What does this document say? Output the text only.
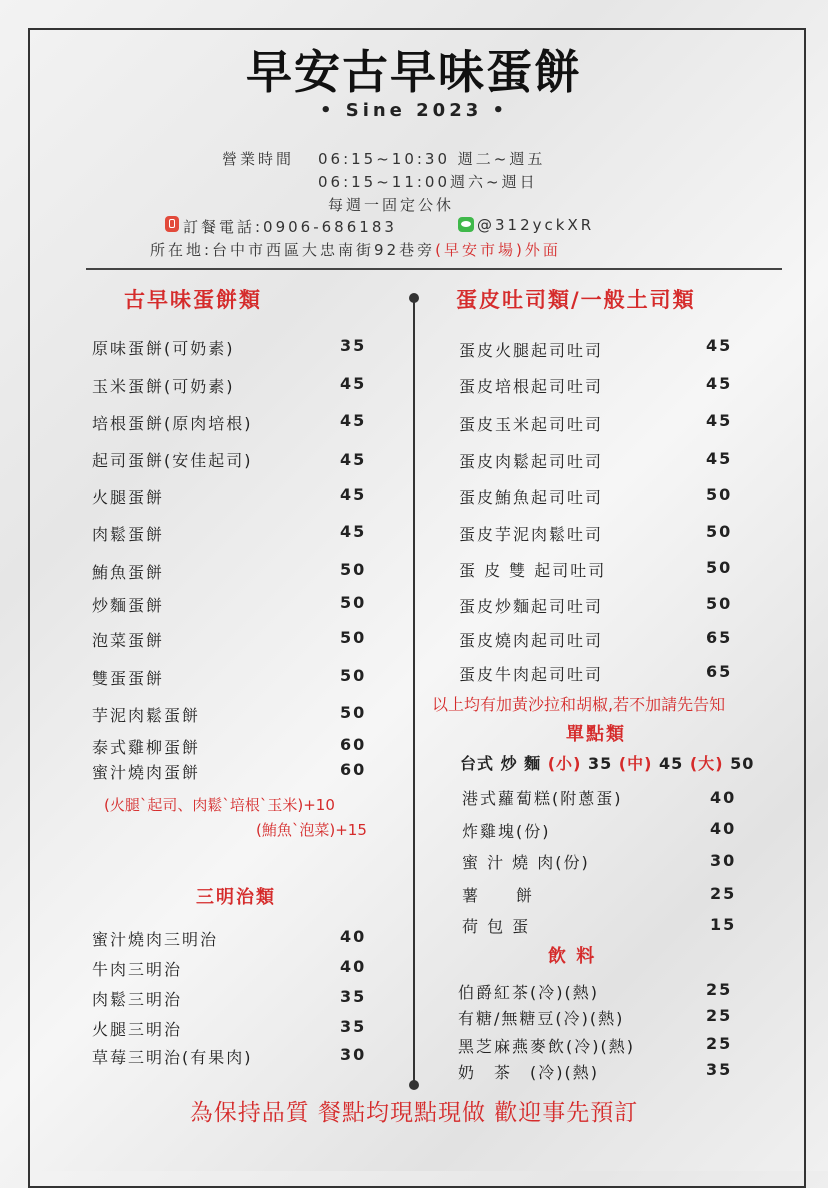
早安古早味蛋餅
• Sine 2023 •
營業時間 06:15~10:30 週二~週五
06:15~11:00週六~週日
每週一固定公休
訂餐電話:0906-686183	@312yckXR
所在地:台中市西區大忠南街92巷旁(早安市場)外面
古早味蛋餅類
原味蛋餅(可奶素)	35
玉米蛋餅(可奶素)	45
培根蛋餅(原肉培根)	45
起司蛋餅(安佳起司)	45
火腿蛋餅	45
肉鬆蛋餅	45
鮪魚蛋餅	50
炒麵蛋餅	50
泡菜蛋餅	50
雙蛋蛋餅	50
芋泥肉鬆蛋餅	50
泰式雞柳蛋餅	60
蜜汁燒肉蛋餅	60
(火腿`起司、肉鬆`培根`玉米)+10
(鮪魚`泡菜)+15
三明治類
蜜汁燒肉三明治	40
牛肉三明治	40
肉鬆三明治	35
火腿三明治	35
草莓三明治(有果肉)	30
蛋皮吐司類/一般土司類
蛋皮火腿起司吐司	45
蛋皮培根起司吐司	45
蛋皮玉米起司吐司	45
蛋皮肉鬆起司吐司	45
蛋皮鮪魚起司吐司	50
蛋皮芋泥肉鬆吐司	50
蛋 皮 雙 起司吐司	50
蛋皮炒麵起司吐司	50
蛋皮燒肉起司吐司	65
蛋皮牛肉起司吐司	65
以上均有加黃沙拉和胡椒,若不加請先告知
單點類
台式 炒 麵 (小) 35 (中) 45 (大) 50
港式蘿蔔糕(附蔥蛋)	40
炸雞塊(份)	40
蜜 汁 燒 肉(份)	30
薯　　餅	25
荷 包 蛋	15
飲 料
伯爵紅茶(冷)(熱)	25
有糖/無糖豆(冷)(熱)	25
黑芝麻燕麥飲(冷)(熱)	25
奶　茶　(冷)(熱)	35
為保持品質 餐點均現點現做 歡迎事先預訂
